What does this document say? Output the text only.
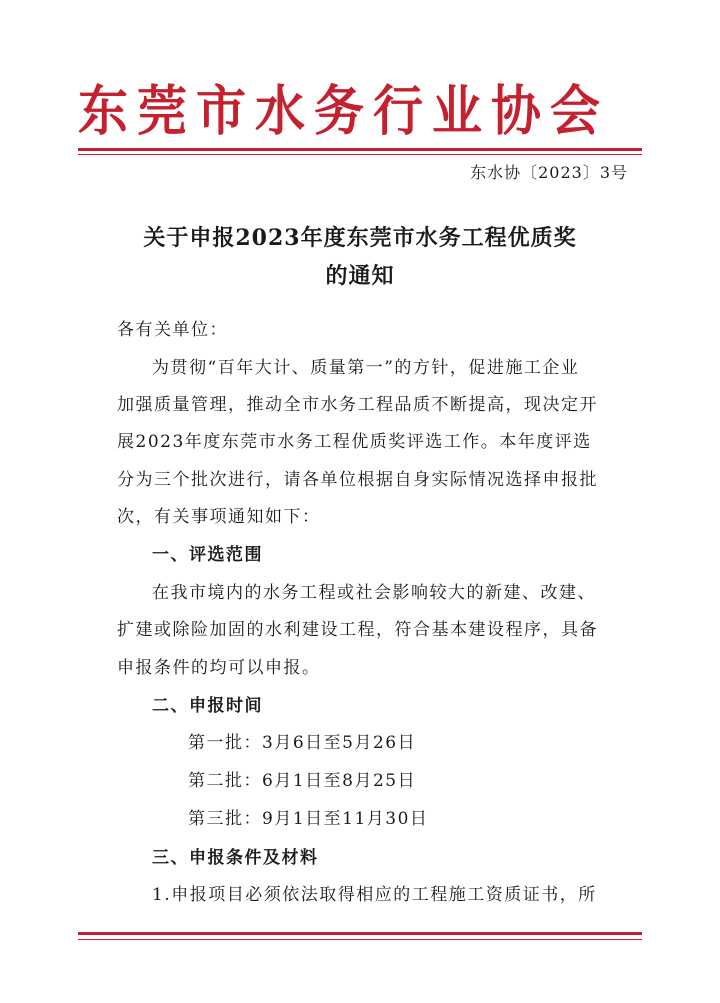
东莞市水务行业协会
东水协〔2023〕3号
关于申报2023年度东莞市水务工程优质奖
的通知
各有关单位：
为贯彻“百年大计、质量第一”的方针，促进施工企业
加强质量管理，推动全市水务工程品质不断提高，现决定开
展2023年度东莞市水务工程优质奖评选工作。本年度评选
分为三个批次进行，请各单位根据自身实际情况选择申报批
次，有关事项通知如下：
一、评选范围
在我市境内的水务工程或社会影响较大的新建、改建、
扩建或除险加固的水利建设工程，符合基本建设程序，具备
申报条件的均可以申报。
二、申报时间
第一批：3月6日至5月26日
第二批：6月1日至8月25日
第三批：9月1日至11月30日
三、申报条件及材料
1.申报项目必须依法取得相应的工程施工资质证书，所
